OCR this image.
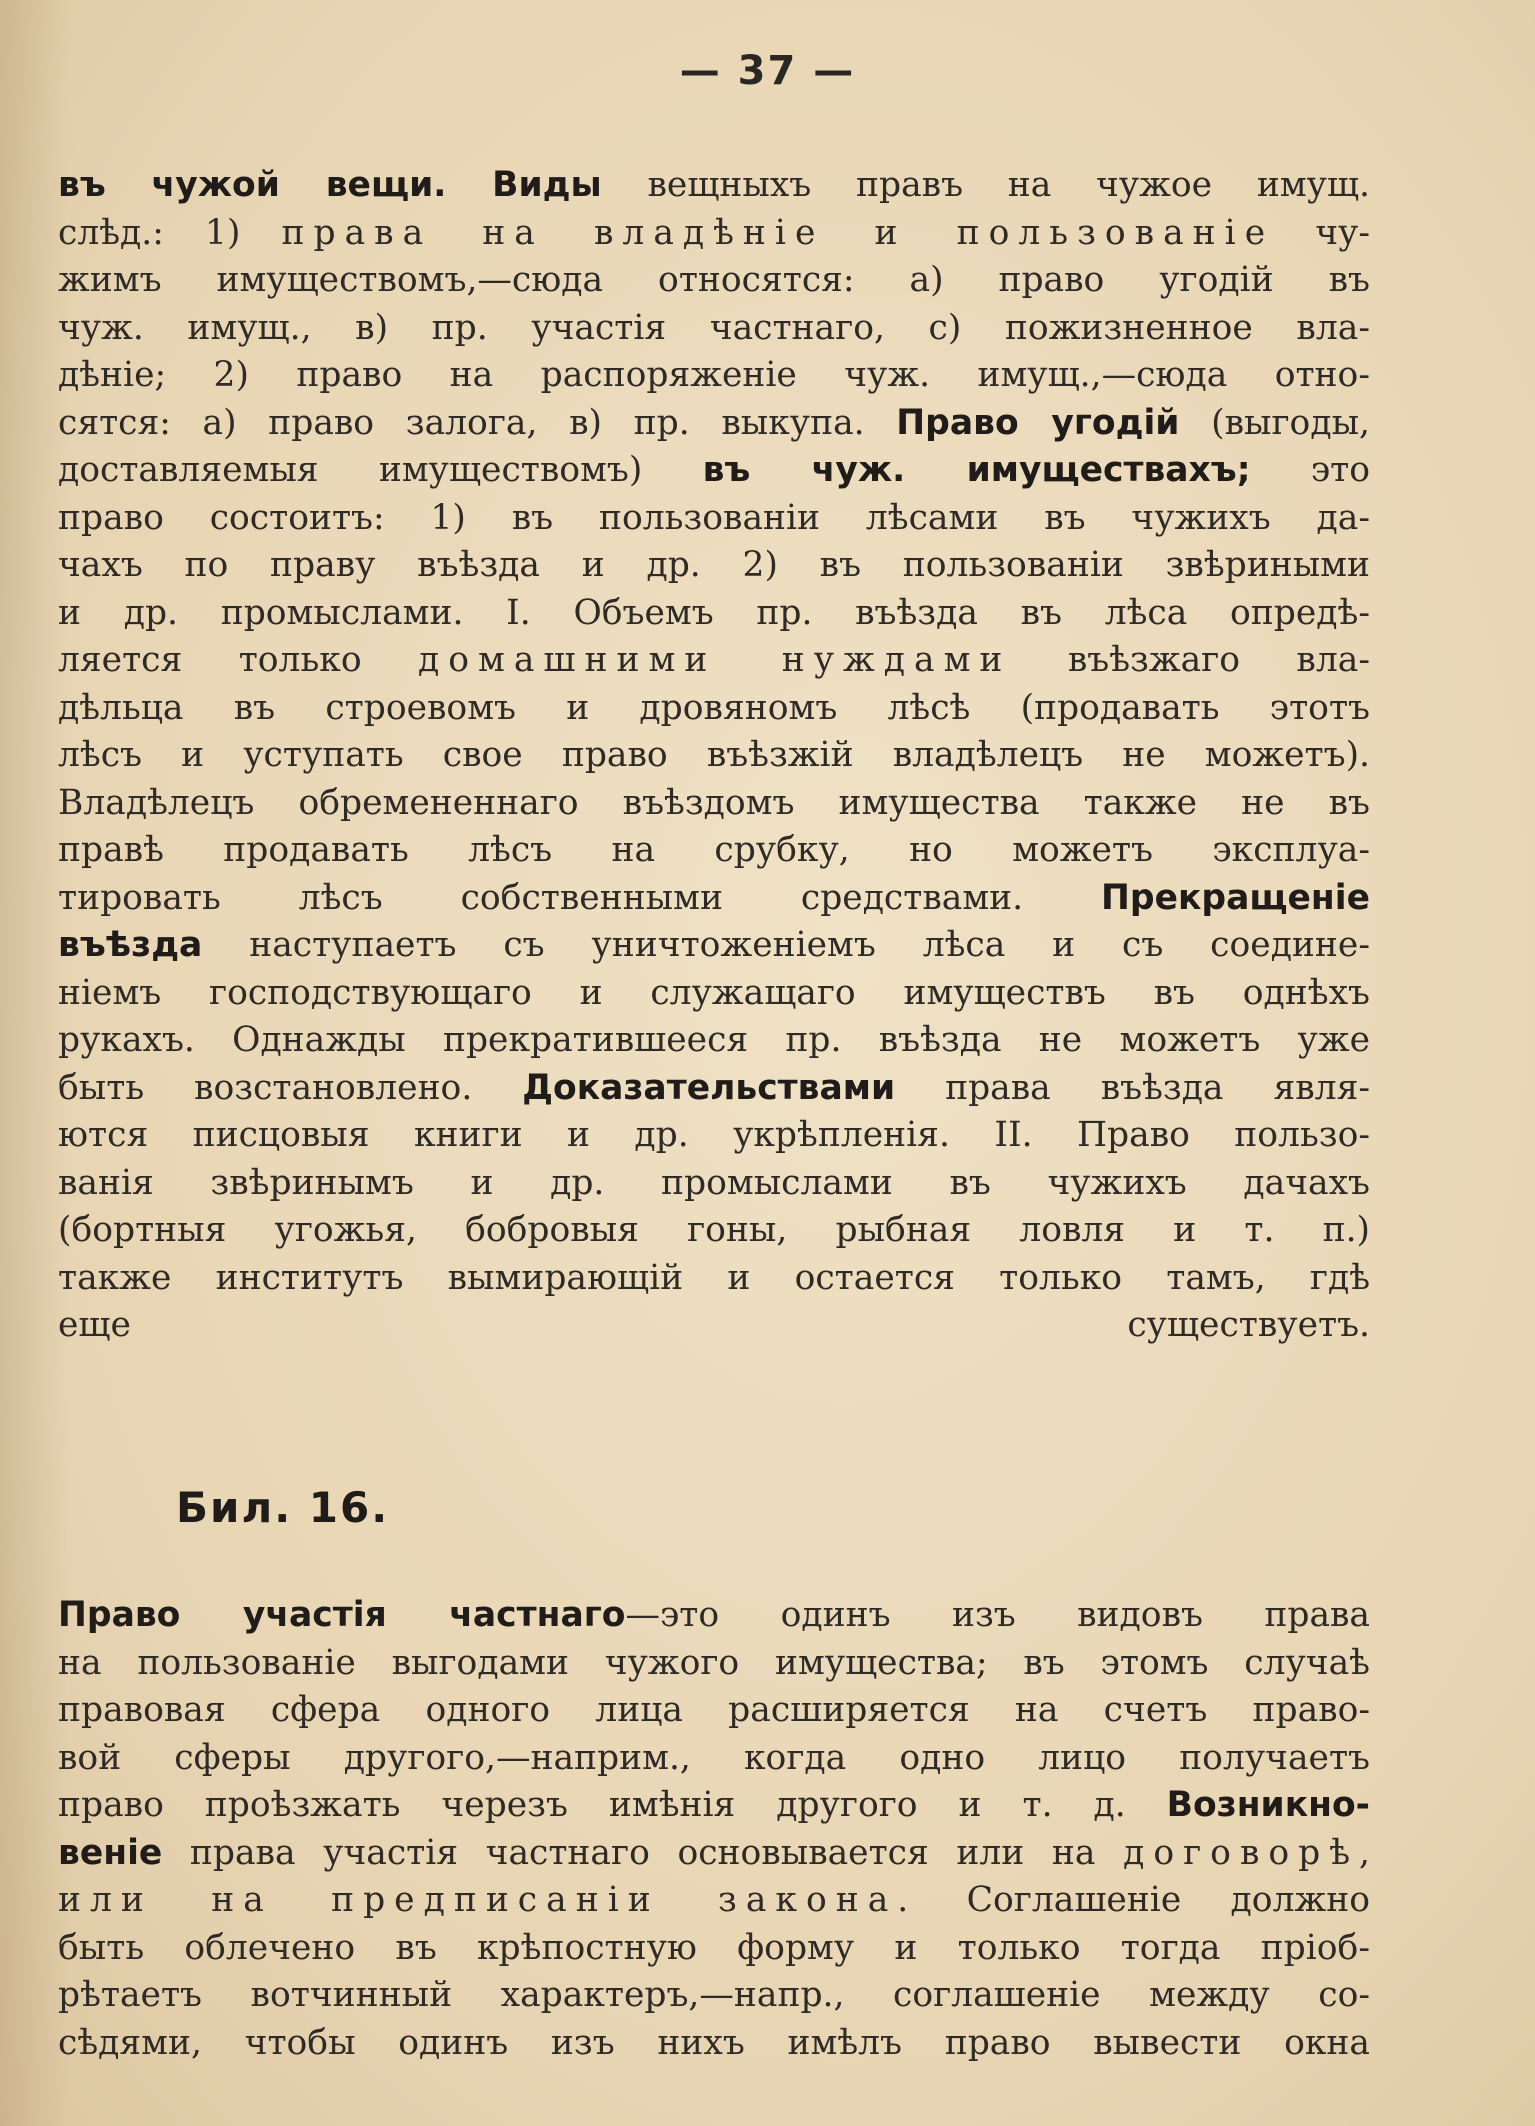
— 37 —
въ чужой вещи. Виды вещныхъ правъ на чужое имущ.
слѣд.: 1) права на владѣніе и пользованіе чу-
жимъ имуществомъ,—сюда относятся: а) право угодій въ
чуж. имущ., в) пр. участія частнаго, с) пожизненное вла-
дѣніе; 2) право на распоряженіе чуж. имущ.,—сюда отно-
сятся: а) право залога, в) пр. выкупа. Право угодій (выгоды,
доставляемыя имуществомъ) въ чуж. имуществахъ; это
право состоитъ: 1) въ пользованіи лѣсами въ чужихъ да-
чахъ по праву въѣзда и др. 2) въ пользованіи звѣриными
и др. промыслами. I. Объемъ пр. въѣзда въ лѣса опредѣ-
ляется только домашними нуждами въѣзжаго вла-
дѣльца въ строевомъ и дровяномъ лѣсѣ (продавать этотъ
лѣсъ и уступать свое право въѣзжій владѣлецъ не можетъ).
Владѣлецъ обремененнаго въѣздомъ имущества также не въ
правѣ продавать лѣсъ на срубку, но можетъ эксплуа-
тировать лѣсъ собственными средствами. Прекращеніе
въѣзда наступаетъ съ уничтоженіемъ лѣса и съ соедине-
ніемъ господствующаго и служащаго имуществъ въ однѣхъ
рукахъ. Однажды прекратившееся пр. въѣзда не можетъ уже
быть возстановлено. Доказательствами права въѣзда явля-
ются писцовыя книги и др. укрѣпленія. II. Право пользо-
ванія звѣринымъ и др. промыслами въ чужихъ дачахъ
(бортныя угожья, бобровыя гоны, рыбная ловля и т. п.)
также институтъ вымирающій и остается только тамъ, гдѣ
еще существуетъ.
Бил. 16.
Право участія частнаго—это одинъ изъ видовъ права
на пользованіе выгодами чужого имущества; въ этомъ случаѣ
правовая сфера одного лица расширяется на счетъ право-
вой сферы другого,—наприм., когда одно лицо получаетъ
право проѣзжать черезъ имѣнія другого и т. д. Возникно-
веніе права участія частнаго основывается или на договорѣ,
или на предписаніи закона. Соглашеніе должно
быть облечено въ крѣпостную форму и только тогда пріоб-
рѣтаетъ вотчинный характеръ,—напр., соглашеніе между со-
сѣдями, чтобы одинъ изъ нихъ имѣлъ право вывести окна
